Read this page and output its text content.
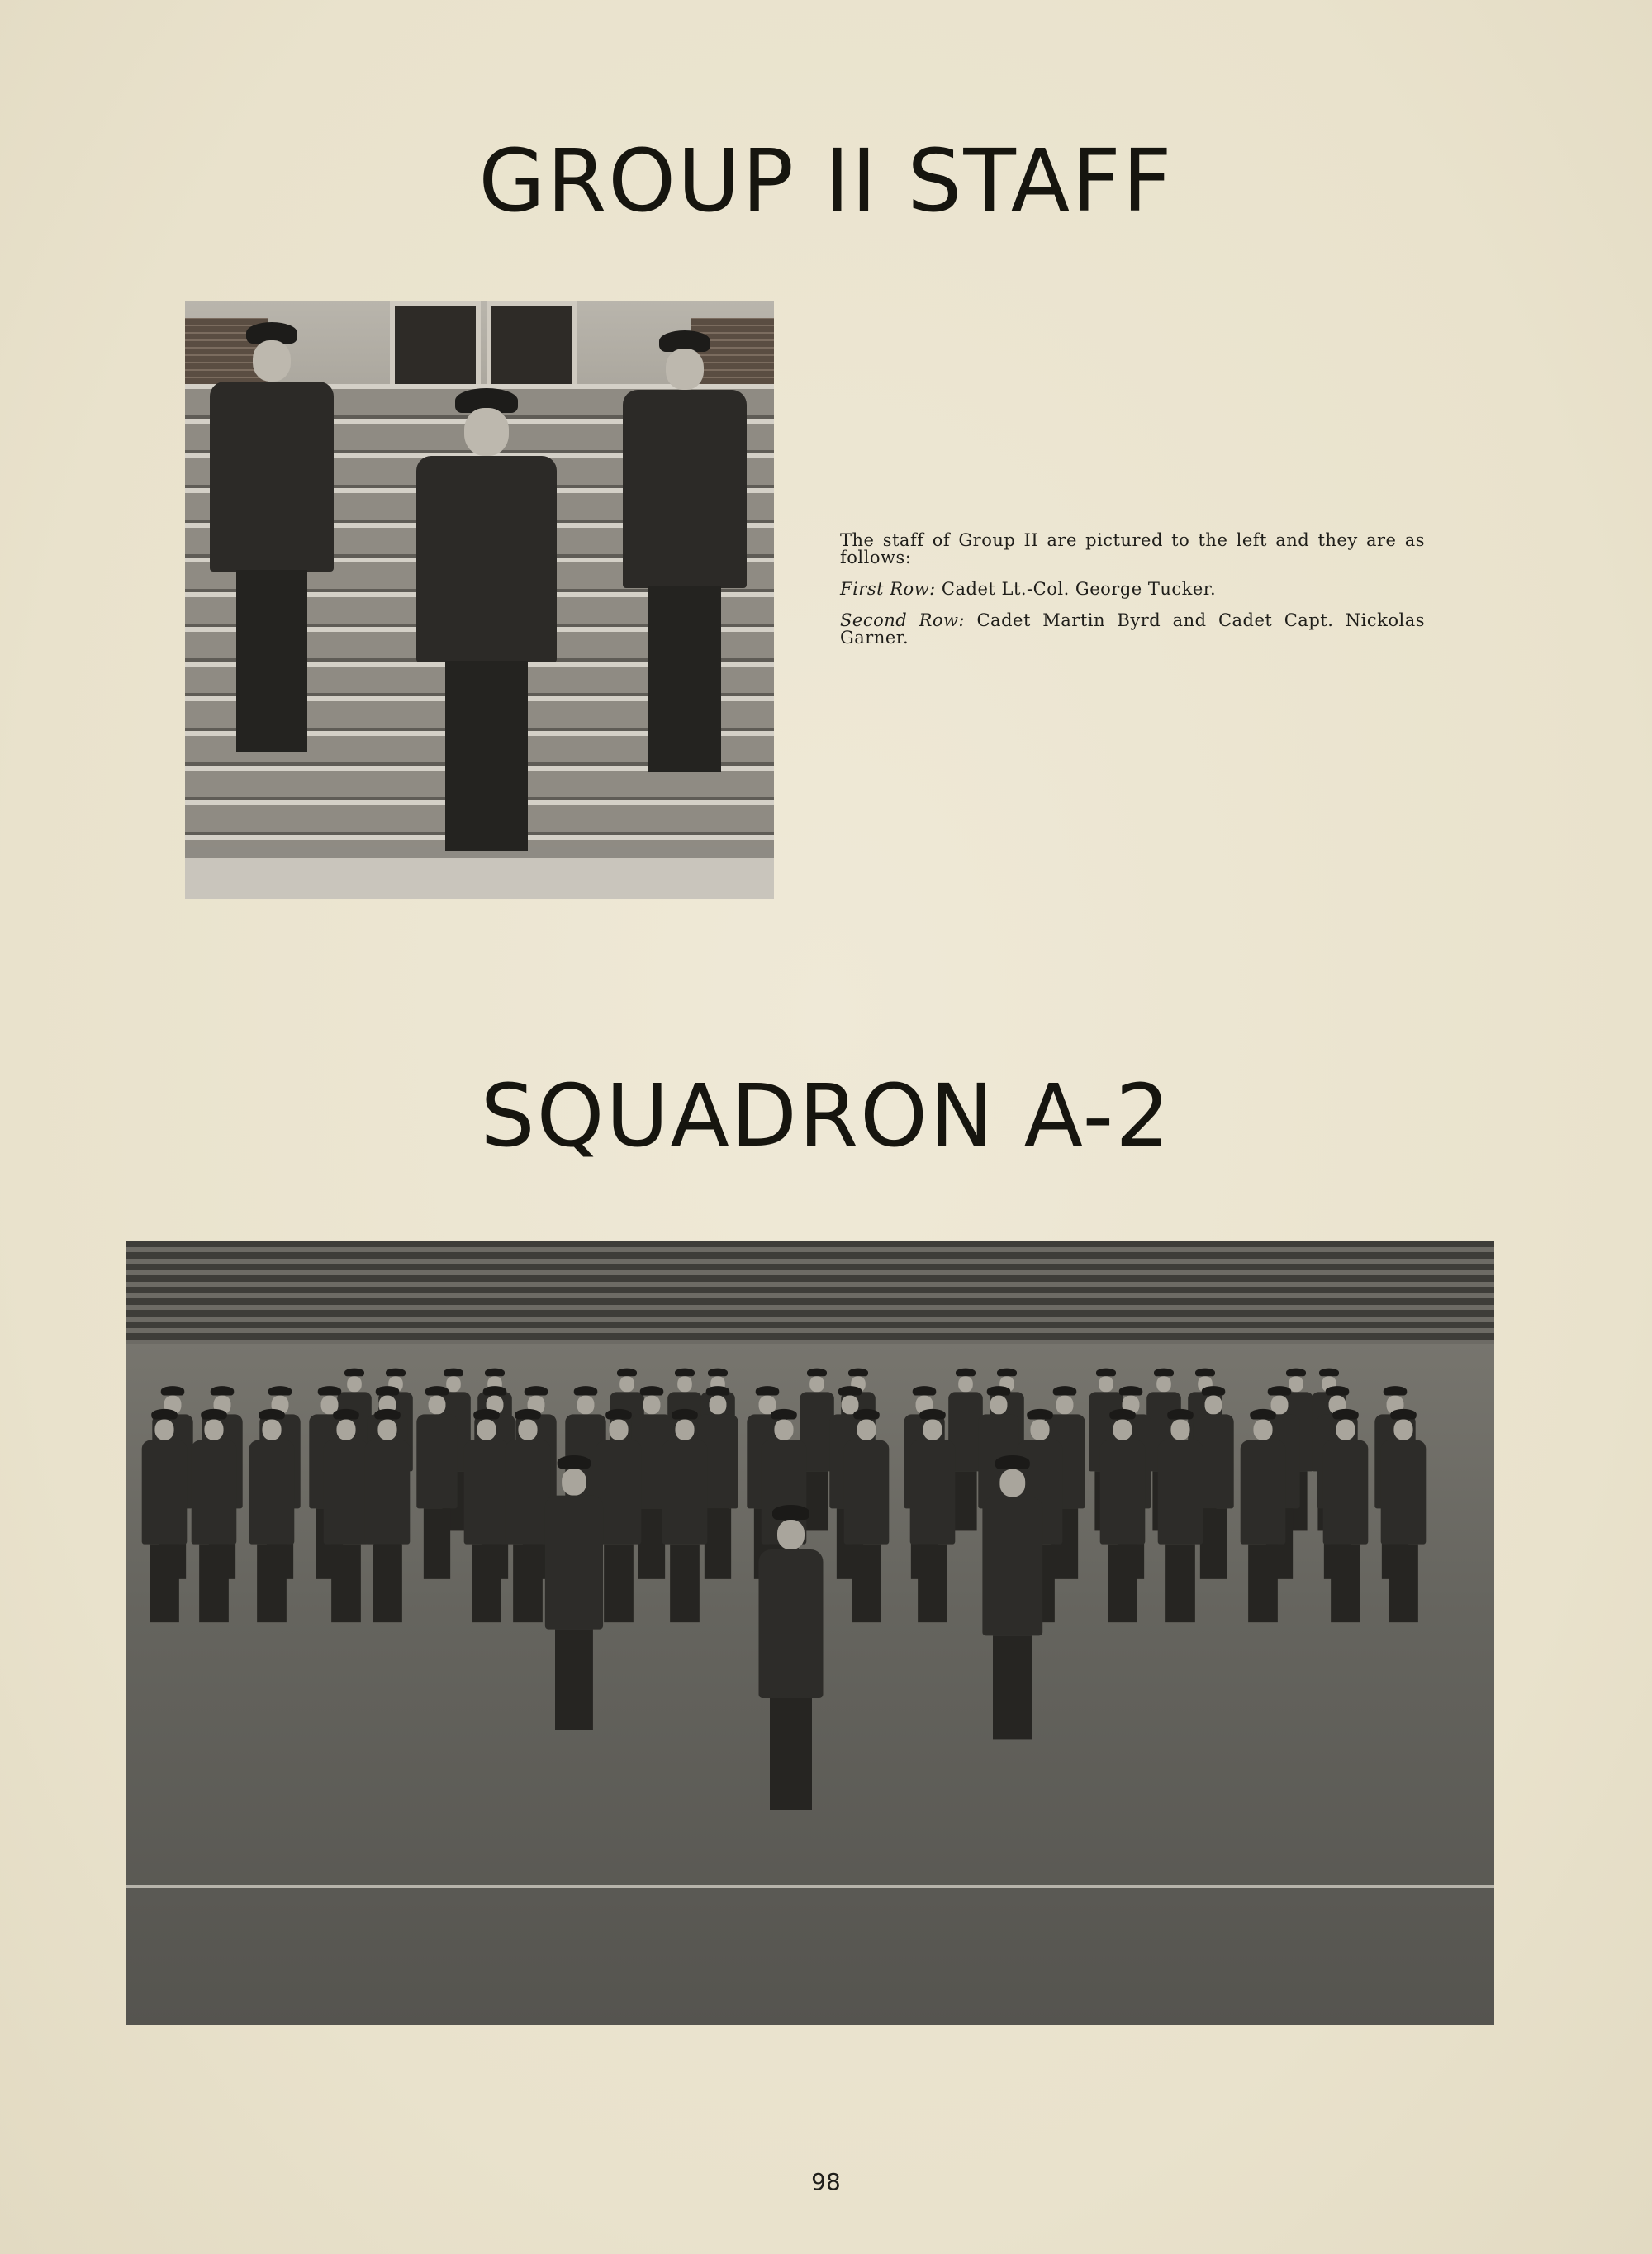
GROUP II STAFF

The staff of Group II are pictured to the left and they are as follows:

First Row: Cadet Lt.-Col. George Tucker.

Second Row: Cadet Martin Byrd and Cadet Capt. Nickolas Garner.

SQUADRON A-2
98
